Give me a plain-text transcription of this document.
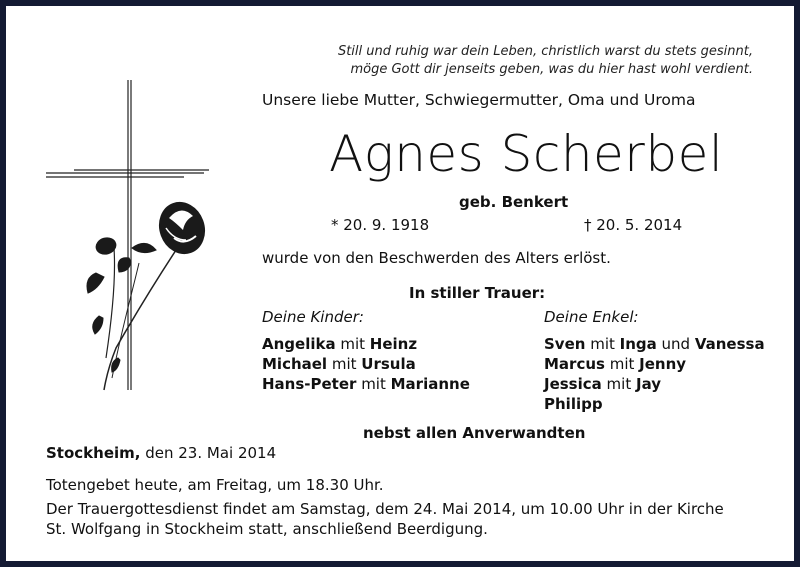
Still und ruhig war dein Leben, christlich warst du stets gesinnt,
möge Gott dir jenseits geben, was du hier hast wohl verdient.
Unsere liebe Mutter, Schwiegermutter, Oma und Uroma
Agnes Scherbel
geb. Benkert
* 20. 9. 1918	† 20. 5. 2014
wurde von den Beschwerden des Alters erlöst.
In stiller Trauer:
Deine Kinder:	Deine Enkel:
Angelika mit Heinz
Michael mit Ursula
Hans-Peter mit Marianne
Sven mit Inga und Vanessa
Marcus mit Jenny
Jessica mit Jay
Philipp
nebst allen Anverwandten
Stockheim, den 23. Mai 2014
Totengebet heute, am Freitag, um 18.30 Uhr.
Der Trauergottesdienst findet am Samstag, dem 24. Mai 2014, um 10.00 Uhr in der Kirche
St. Wolfgang in Stockheim statt, anschließend Beerdigung.
